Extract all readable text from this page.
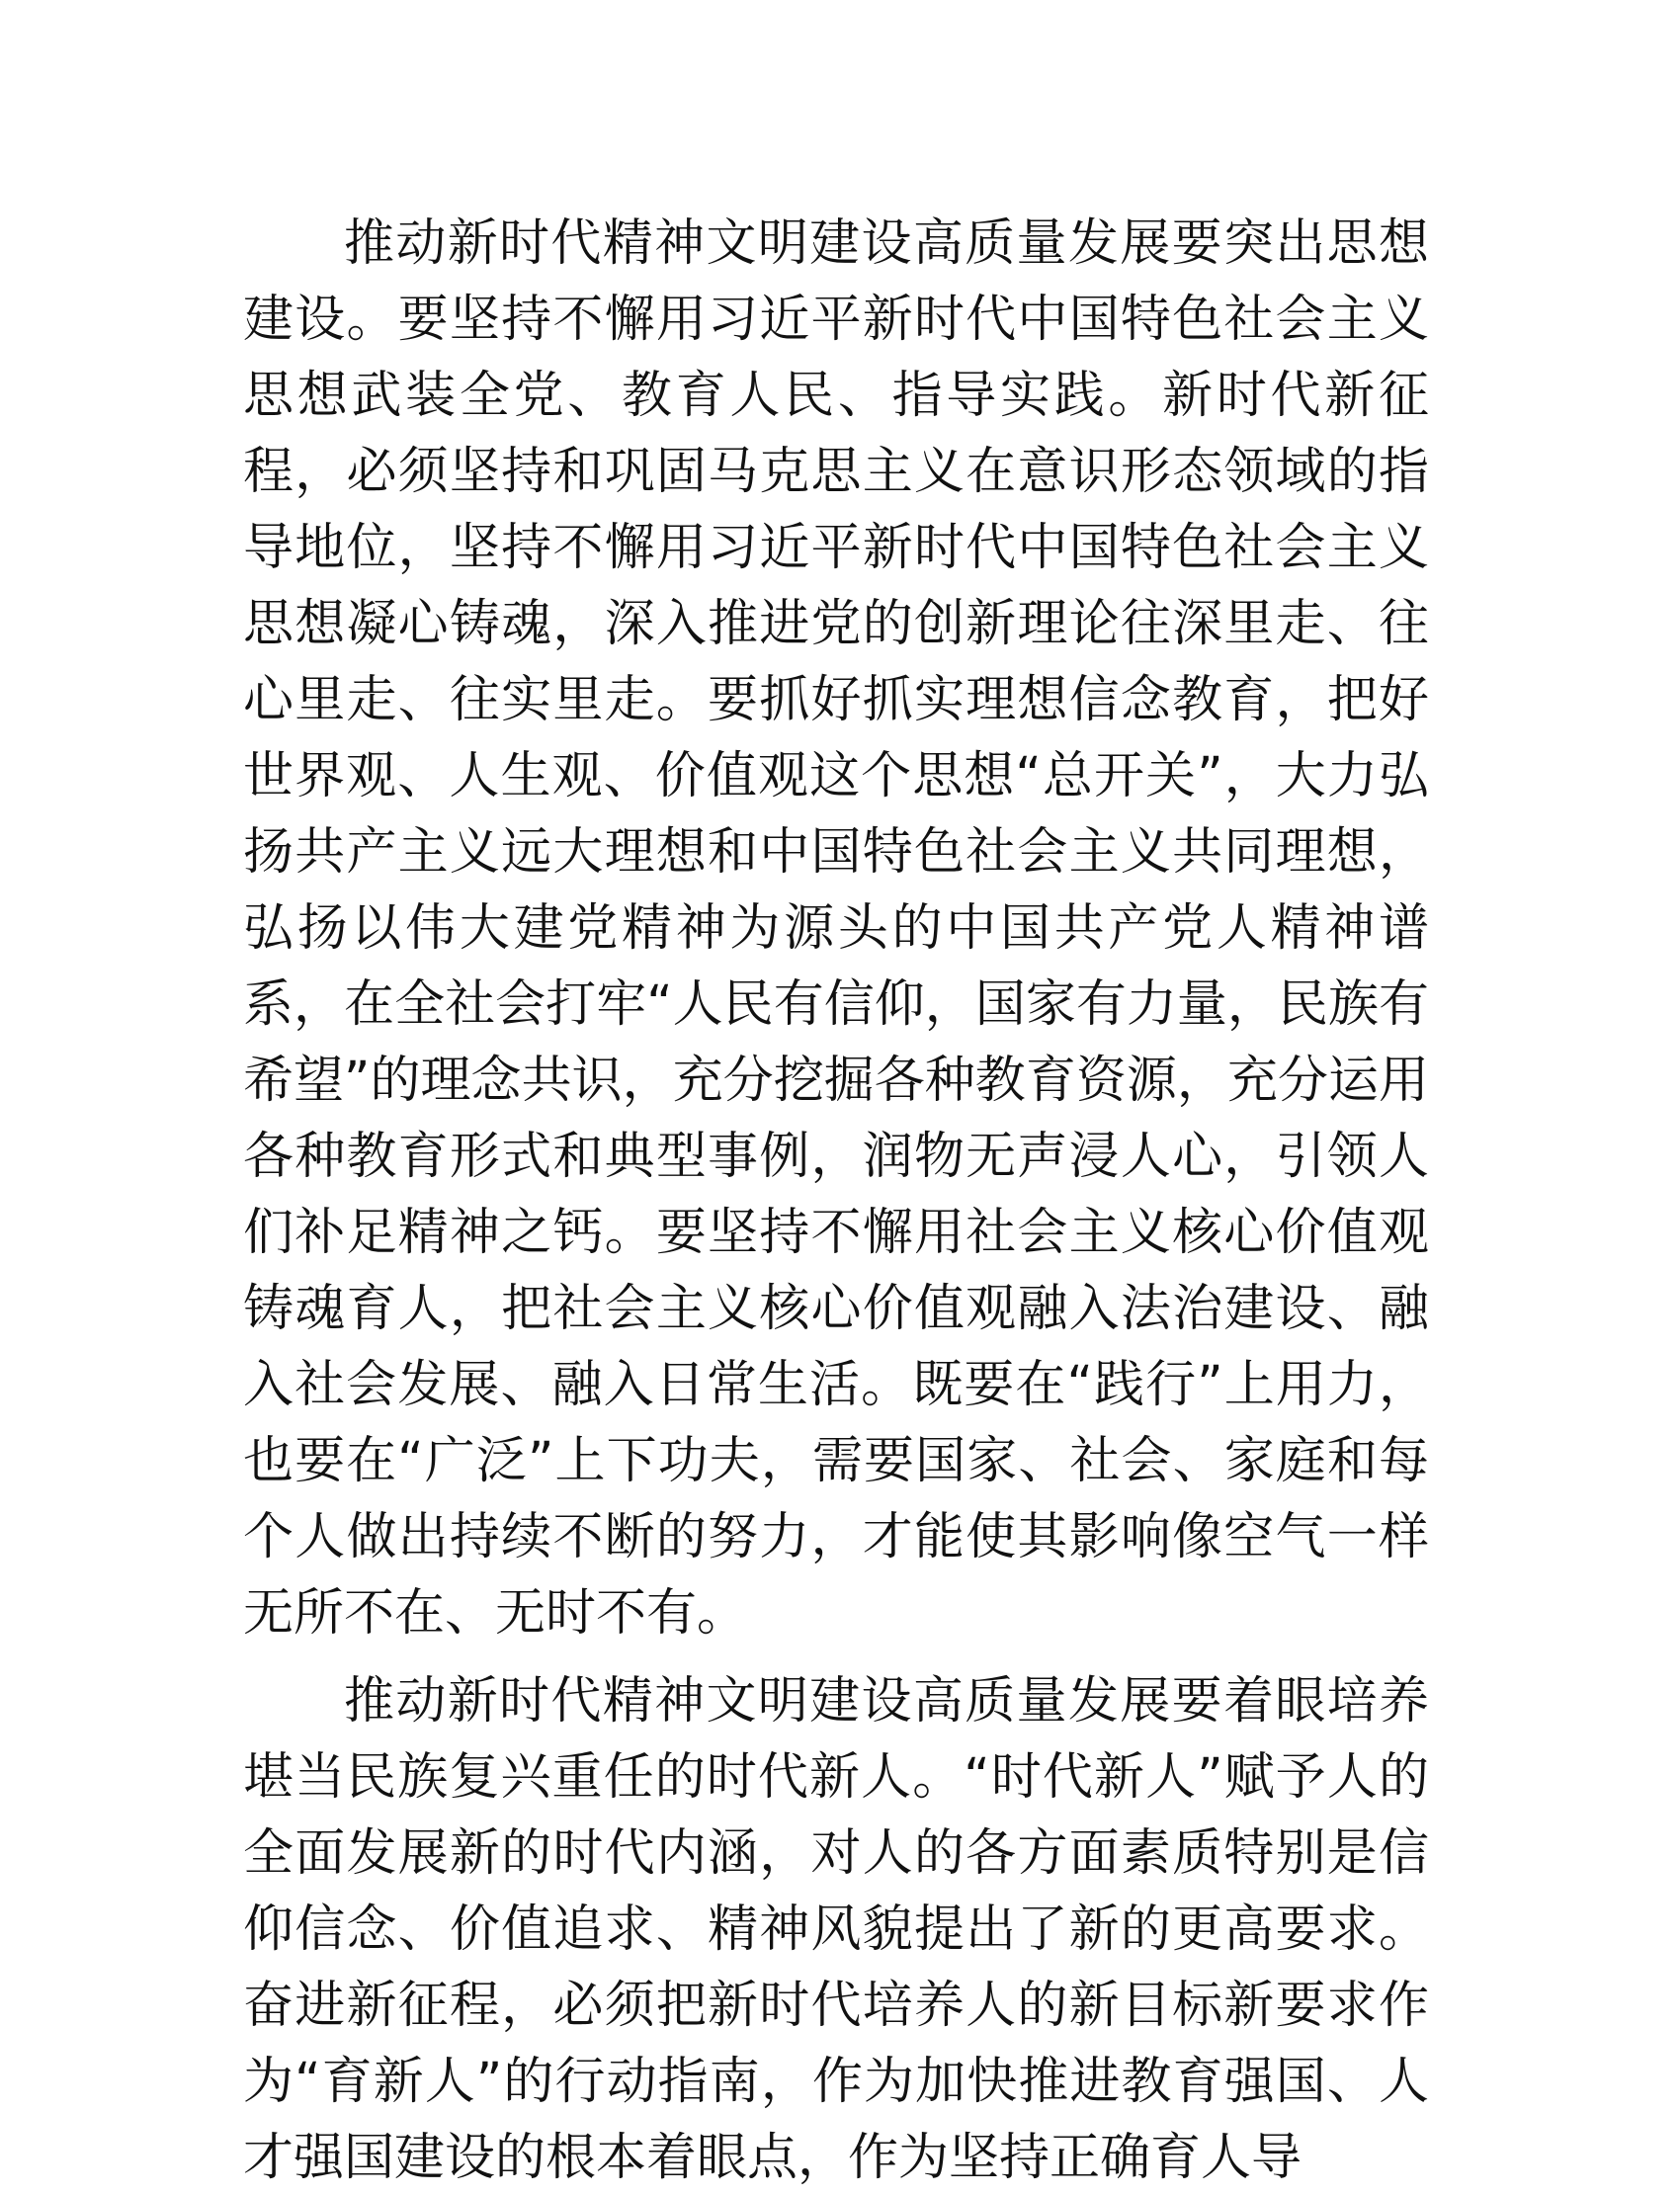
推动新时代精神文明建设高质量发展要突出思想建设。要坚持不懈用习近平新时代中国特色社会主义思想武装全党、教育人民、指导实践。新时代新征程，必须坚持和巩固马克思主义在意识形态领域的指导地位，坚持不懈用习近平新时代中国特色社会主义思想凝心铸魂，深入推进党的创新理论往深里走、往心里走、往实里走。要抓好抓实理想信念教育，把好世界观、人生观、价值观这个思想“总开关”，大力弘扬共产主义远大理想和中国特色社会主义共同理想，弘扬以伟大建党精神为源头的中国共产党人精神谱系，在全社会打牢“人民有信仰，国家有力量，民族有希望”的理念共识，充分挖掘各种教育资源，充分运用各种教育形式和典型事例，润物无声浸人心，引领人们补足精神之钙。要坚持不懈用社会主义核心价值观铸魂育人，把社会主义核心价值观融入法治建设、融入社会发展、融入日常生活。既要在“践行”上用力，也要在“广泛”上下功夫，需要国家、社会、家庭和每个人做出持续不断的努力，才能使其影响像空气一样无所不在、无时不有。

推动新时代精神文明建设高质量发展要着眼培养堪当民族复兴重任的时代新人。“时代新人”赋予人的全面发展新的时代内涵，对人的各方面素质特别是信仰信念、价值追求、精神风貌提出了新的更高要求。奋进新征程，必须把新时代培养人的新目标新要求作为“育新人”的行动指南，作为加快推进教育强国、人才强国建设的根本着眼点，作为坚持正确育人导
